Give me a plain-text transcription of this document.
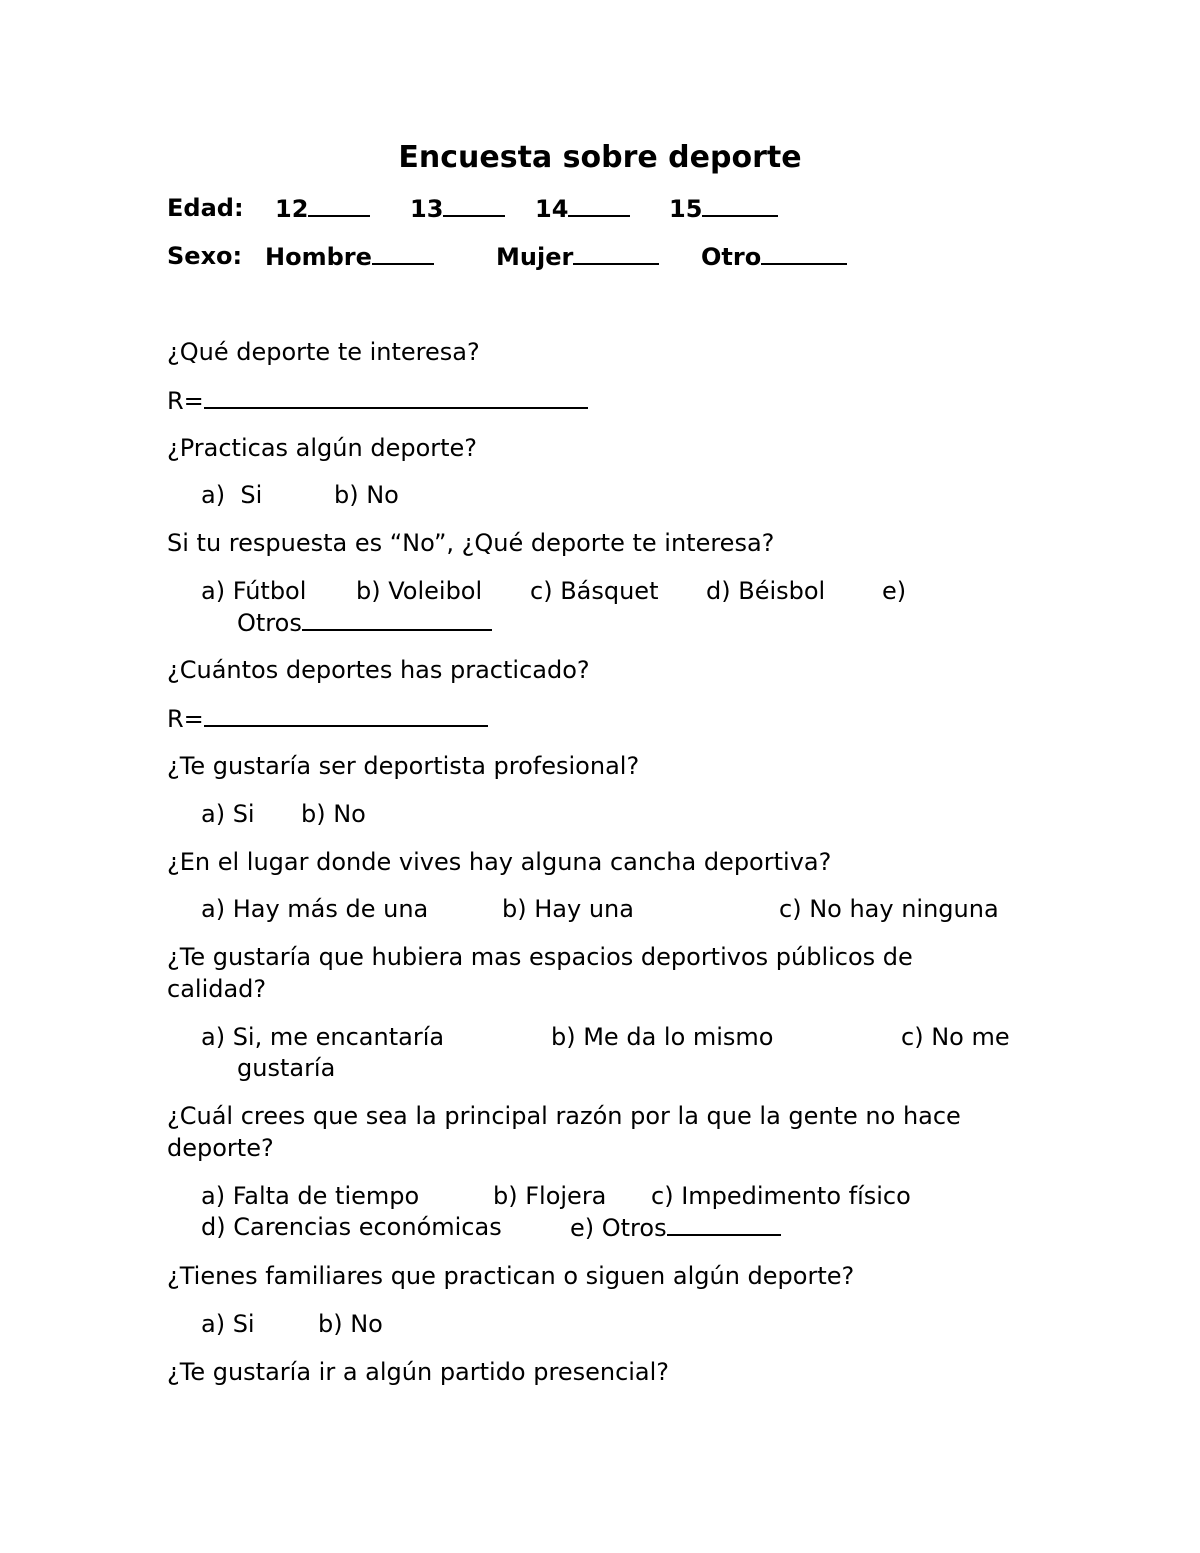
Encuesta sobre deporte
Edad: 12	13	14	15
Sexo: Hombre	Mujer	Otro
¿Qué deporte te interesa?
R=
¿Practicas algún deporte?
a)  Si	b) No
Si tu respuesta es “No”, ¿Qué deporte te interesa?
a) Fútbol b) Voleibol c) Básquet d) Béisbol e)
Otros
¿Cuántos deportes has practicado?
R=
¿Te gustaría ser deportista profesional?
a) Si b) No
¿En el lugar donde vives hay alguna cancha deportiva?
a) Hay más de una	b) Hay una	c) No hay ninguna
¿Te gustaría que hubiera mas espacios deportivos públicos de
calidad?
a) Si, me encantaría	b) Me da lo mismo	c) No me
gustaría
¿Cuál crees que sea la principal razón por la que la gente no hace
deporte?
a) Falta de tiempo	b) Flojera c) Impedimento físico
d) Carencias económicas	e) Otros
¿Tienes familiares que practican o siguen algún deporte?
a) Si	b) No
¿Te gustaría ir a algún partido presencial?
